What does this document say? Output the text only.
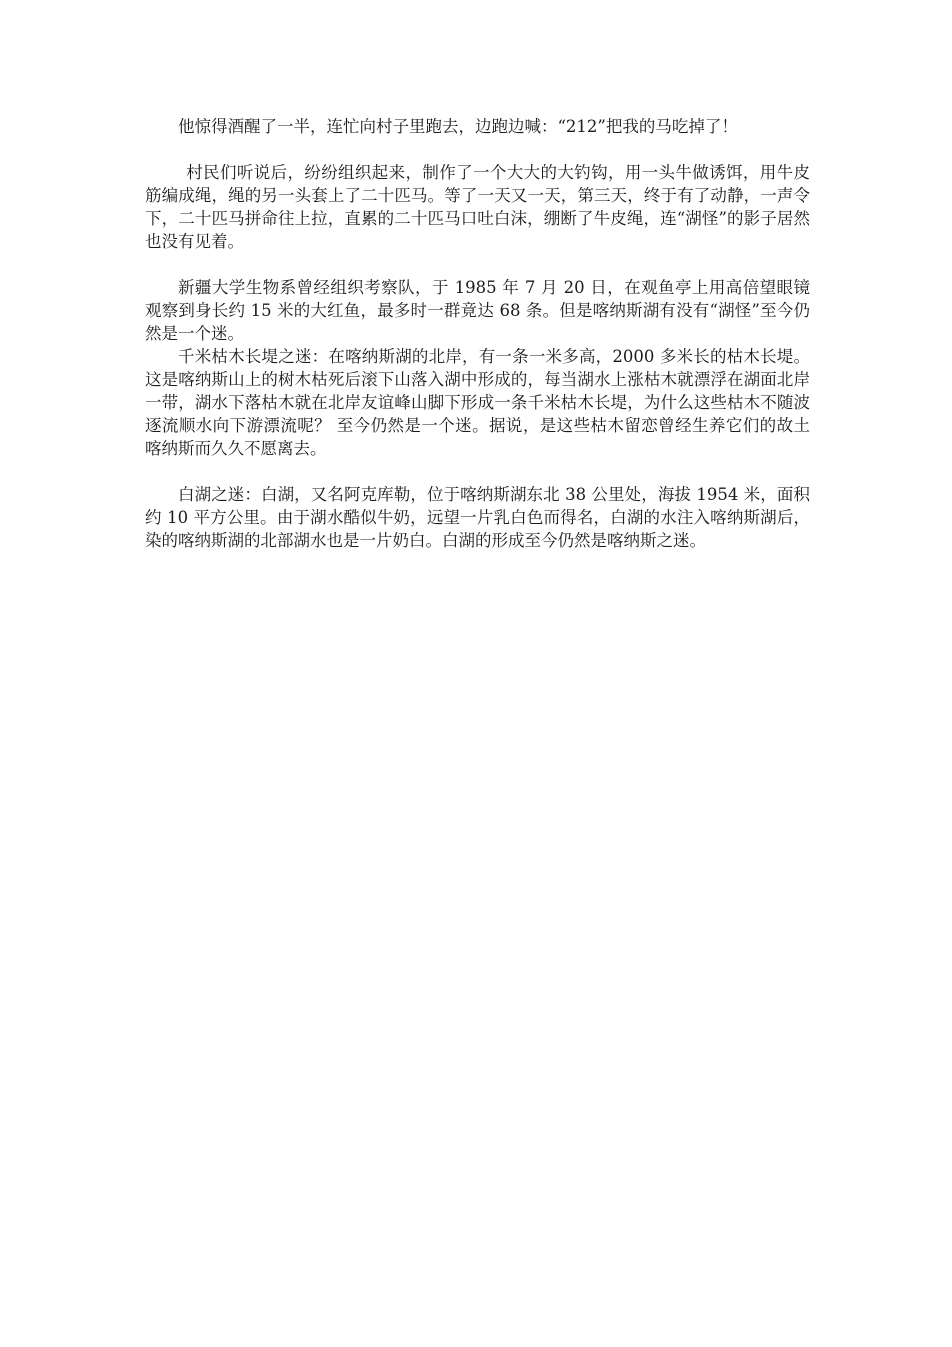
他惊得酒醒了一半，连忙向村子里跑去，边跑边喊：“212”把我的马吃掉了！

村民们听说后，纷纷组织起来，制作了一个大大的大钓钩，用一头牛做诱饵，用牛皮筋编成绳，绳的另一头套上了二十匹马。等了一天又一天，第三天，终于有了动静，一声令下，二十匹马拼命往上拉，直累的二十匹马口吐白沫，绷断了牛皮绳，连“湖怪”的影子居然也没有见着。

新疆大学生物系曾经组织考察队，于 1985 年 7 月 20 日，在观鱼亭上用高倍望眼镜观察到身长约 15 米的大红鱼，最多时一群竟达 68 条。但是喀纳斯湖有没有“湖怪”至今仍然是一个迷。

千米枯木长堤之迷：在喀纳斯湖的北岸，有一条一米多高，2000 多米长的枯木长堤。这是喀纳斯山上的树木枯死后滚下山落入湖中形成的，每当湖水上涨枯木就漂浮在湖面北岸一带，湖水下落枯木就在北岸友谊峰山脚下形成一条千米枯木长堤，为什么这些枯木不随波逐流顺水向下游漂流呢？ 至今仍然是一个迷。据说，是这些枯木留恋曾经生养它们的故土喀纳斯而久久不愿离去。

白湖之迷：白湖，又名阿克库勒，位于喀纳斯湖东北 38 公里处，海拔 1954 米，面积约 10 平方公里。由于湖水酷似牛奶，远望一片乳白色而得名，白湖的水注入喀纳斯湖后，染的喀纳斯湖的北部湖水也是一片奶白。白湖的形成至今仍然是喀纳斯之迷。
